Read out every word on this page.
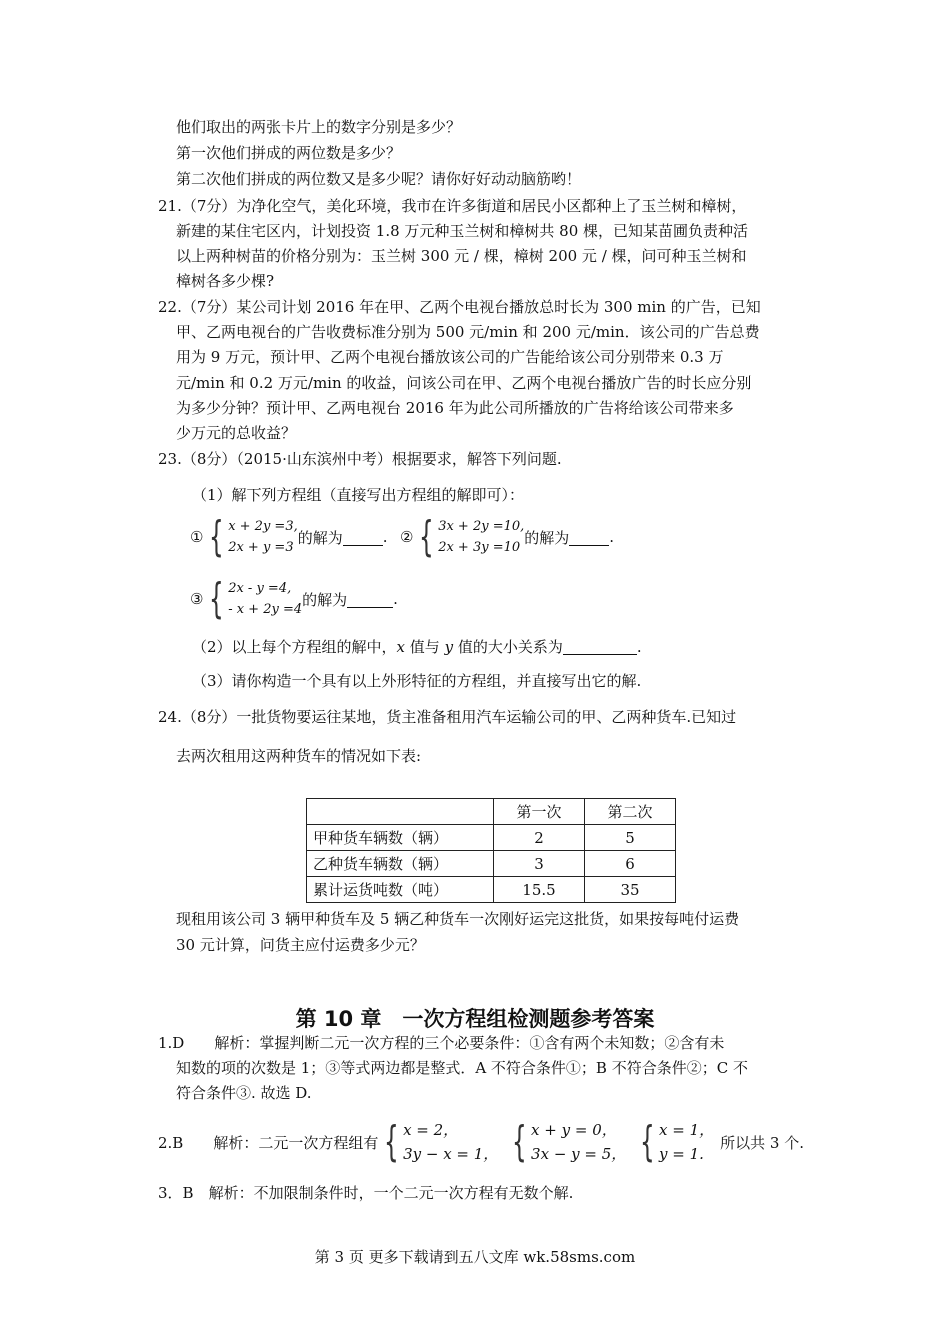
他们取出的两张卡片上的数字分别是多少？
第一次他们拼成的两位数是多少？
第二次他们拼成的两位数又是多少呢？请你好好动动脑筋哟！
21.（7分）为净化空气，美化环境，我市在许多街道和居民小区都种上了玉兰树和樟树，
新建的某住宅区内，计划投资 1.8 万元种玉兰树和樟树共 80 棵，已知某苗圃负责种活
以上两种树苗的价格分别为：玉兰树 300 元 / 棵，樟树 200 元 / 棵，问可种玉兰树和
樟树各多少棵?
22.（7分）某公司计划 2016 年在甲、乙两个电视台播放总时长为 300 min 的广告，已知
甲、乙两电视台的广告收费标准分别为 500 元/min 和 200 元/min．该公司的广告总费
用为 9 万元，预计甲、乙两个电视台播放该公司的广告能给该公司分别带来 0.3 万
元/min 和 0.2 万元/min 的收益，问该公司在甲、乙两个电视台播放广告的时长应分别
为多少分钟？预计甲、乙两电视台 2016 年为此公司所播放的广告将给该公司带来多
少万元的总收益？
23.（8分）（2015·山东滨州中考）根据要求，解答下列问题.
（1）解下列方程组（直接写出方程组的解即可）：
① { x + 2y =3,
2x + y =3
的解为	. ② { 3x + 2y =10,
2x + 3y =10
的解为	.
③ { 2x - y =4,
- x + 2y =4
的解为	.
（2）以上每个方程组的解中，x 值与 y 值的大小关系为	.
（3）请你构造一个具有以上外形特征的方程组，并直接写出它的解.
24.（8分）一批货物要运往某地，货主准备租用汽车运输公司的甲、乙两种货车.已知过
去两次租用这两种货车的情况如下表:
	第一次	第二次
甲种货车辆数（辆）	2	5
乙种货车辆数（辆）	3	6
累计运货吨数（吨）	15.5	35
现租用该公司 3 辆甲种货车及 5 辆乙种货车一次刚好运完这批货，如果按每吨付运费
30 元计算，问货主应付运费多少元？
第 10 章　一次方程组检测题参考答案
1.D　　解析：掌握判断二元一次方程的三个必要条件：①含有两个未知数；②含有未
知数的项的次数是 1；③等式两边都是整式．A 不符合条件①；B 不符合条件②；C 不
符合条件③. 故选 D.
2.B　　解析：二元一次方程组有 { x = 2，
3y − x = 1， { x + y = 0，
3x − y = 5， { x = 1，
y = 1.
所以共 3 个.
3．B　解析：不加限制条件时，一个二元一次方程有无数个解.
第 3 页 更多下载请到五八文库 wk.58sms.com
